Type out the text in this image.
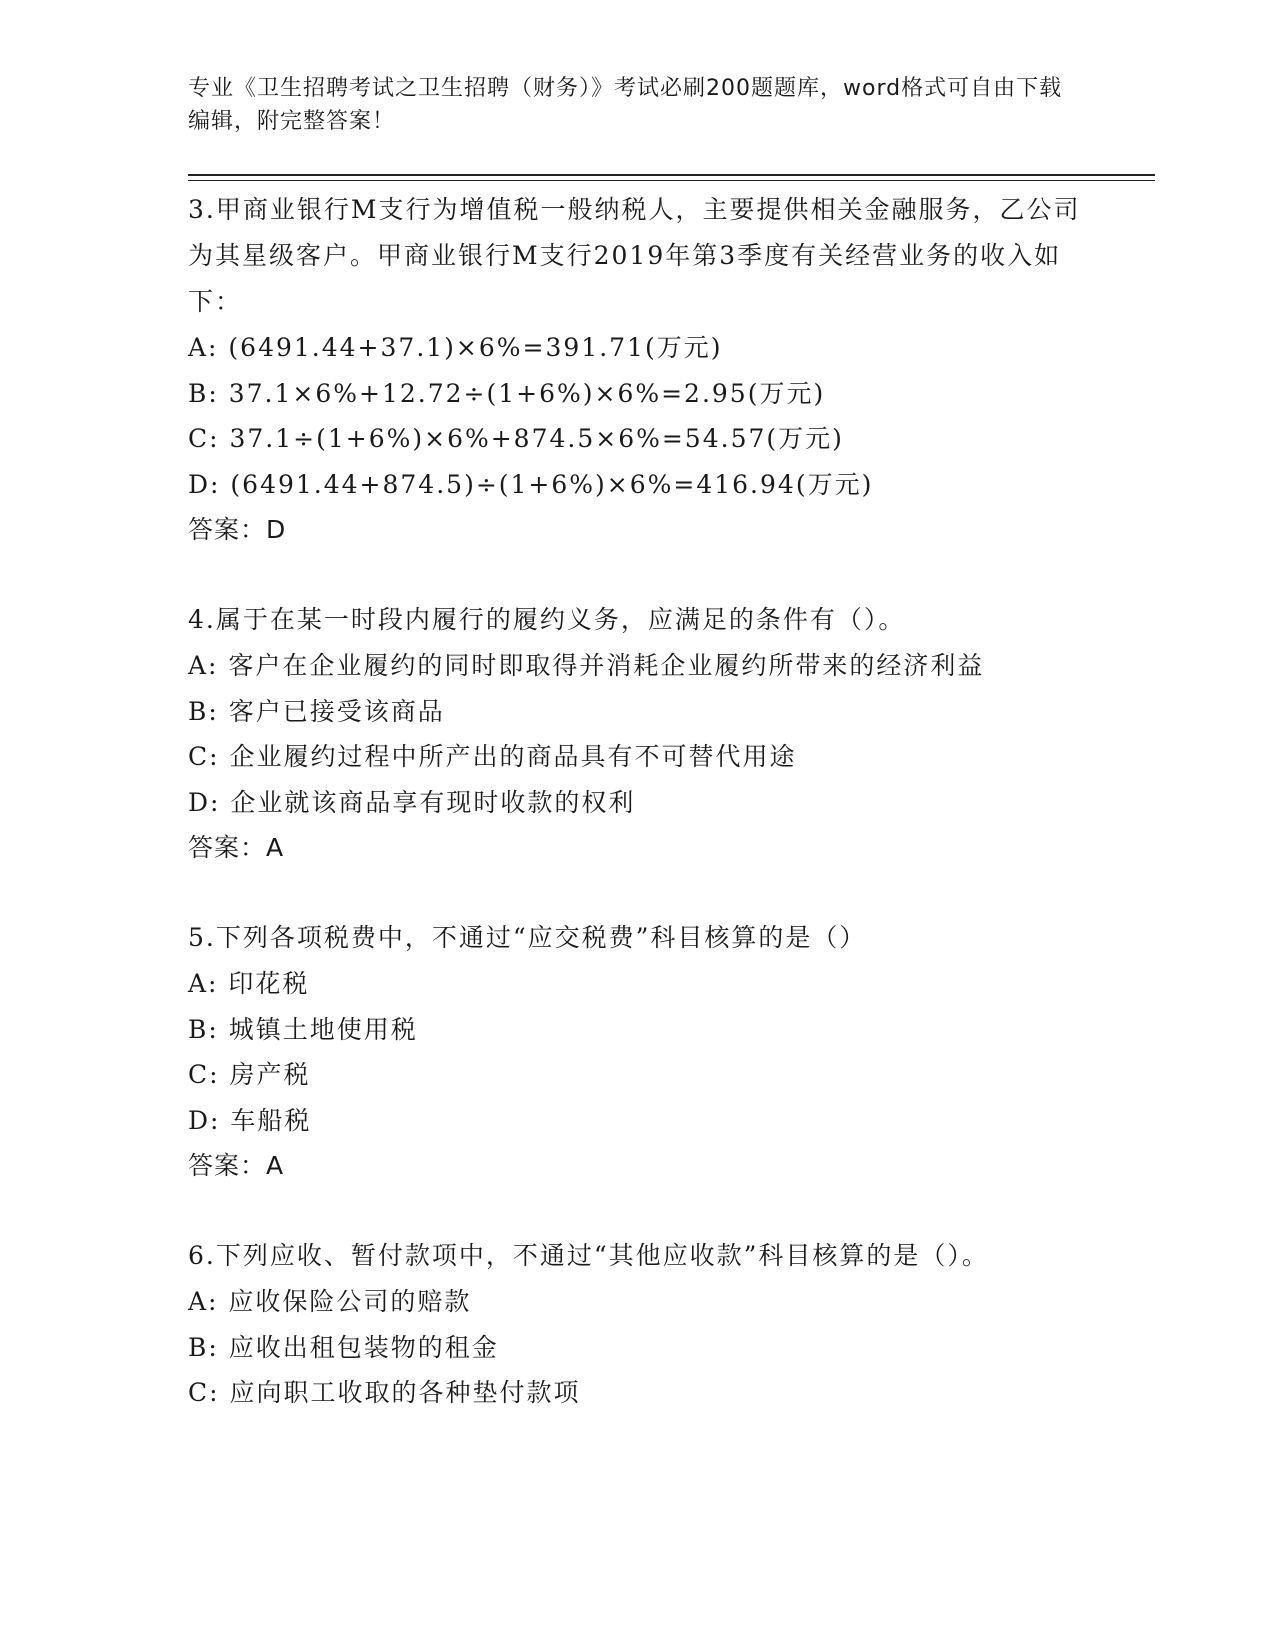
专业《卫生招聘考试之卫生招聘（财务）》考试必刷200题题库，word格式可自由下载编辑，附完整答案！

3.甲商业银行M支行为增值税一般纳税人，主要提供相关金融服务，乙公司为其星级客户。甲商业银行M支行2019年第3季度有关经营业务的收入如下：

A: (6491.44+37.1)×6%=391.71(万元)

B: 37.1×6%+12.72÷(1+6%)×6%=2.95(万元)

C: 37.1÷(1+6%)×6%+874.5×6%=54.57(万元)

D: (6491.44+874.5)÷(1+6%)×6%=416.94(万元)

答案：D

4.属于在某一时段内履行的履约义务，应满足的条件有（）。

A: 客户在企业履约的同时即取得并消耗企业履约所带来的经济利益

B: 客户已接受该商品

C: 企业履约过程中所产出的商品具有不可替代用途

D: 企业就该商品享有现时收款的权利

答案：A

5.下列各项税费中，不通过“应交税费”科目核算的是（）

A: 印花税

B: 城镇土地使用税

C: 房产税

D: 车船税

答案：A

6.下列应收、暂付款项中，不通过“其他应收款”科目核算的是（）。

A: 应收保险公司的赔款

B: 应收出租包装物的租金

C: 应向职工收取的各种垫付款项
